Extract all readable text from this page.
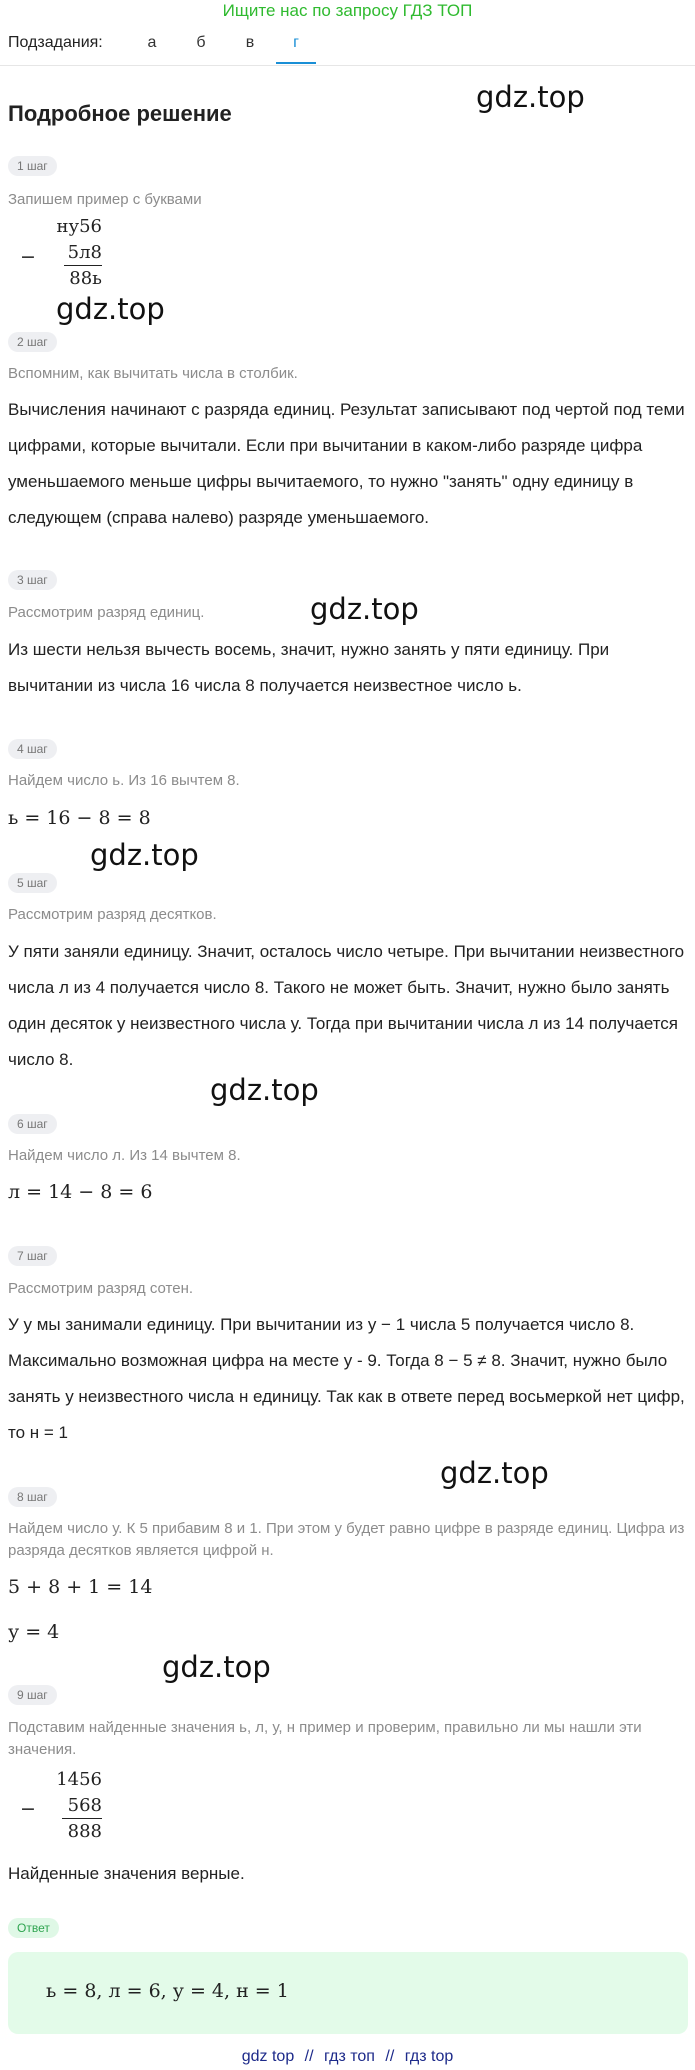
Ищите нас по запросу ГДЗ ТОП
Подзадания:	а	б	в	г
Подробное решение	gdz.top
gdz.top
gdz.top
gdz.top
gdz.top
gdz.top
gdz.top
1 шаг
Запишем пример с буквами
−
ну56
5л8
88ь
2 шаг
Вспомним, как вычитать числа в столбик.
Вычисления начинают с разряда единиц. Результат записывают под чертой под теми цифрами, которые вычитали. Если при вычитании в каком-либо разряде цифра уменьшаемого меньше цифры вычитаемого, то нужно "занять" одну единицу в следующем (справа налево) разряде уменьшаемого.
3 шаг
Рассмотрим разряд единиц.
Из шести нельзя вычесть восемь, значит, нужно занять у пяти единицу. При вычитании из числа 16 числа 8 получается неизвестное число ь.
4 шаг
Найдем число ь. Из 16 вычтем 8.
ь = 16 − 8 = 8
5 шаг
Рассмотрим разряд десятков.
У пяти заняли единицу. Значит, осталось число четыре. При вычитании неизвестного числа л из 4 получается число 8. Такого не может быть. Значит, нужно было занять один десяток у неизвестного числа у. Тогда при вычитании числа л из 14 получается число 8.
6 шаг
Найдем число л. Из 14 вычтем 8.
л = 14 − 8 = 6
7 шаг
Рассмотрим разряд сотен.
У у мы занимали единицу. При вычитании из у − 1 числа 5 получается число 8. Максимально возможная цифра на месте у - 9. Тогда 8 − 5 ≠ 8. Значит, нужно было занять у неизвестного числа н единицу. Так как в ответе перед восьмеркой нет цифр, то н = 1
8 шаг
Найдем число у. К 5 прибавим 8 и 1. При этом у будет равно цифре в разряде единиц. Цифра из разряда десятков является цифрой н.
5 + 8 + 1 = 14
у = 4
9 шаг
Подставим найденные значения ь, л, у, н пример и проверим, правильно ли мы нашли эти значения.
−
1456
568
888
Найденные значения верные.
Ответ
ь = 8, л = 6, у = 4, н = 1
gdz top // гдз топ // гдз top
